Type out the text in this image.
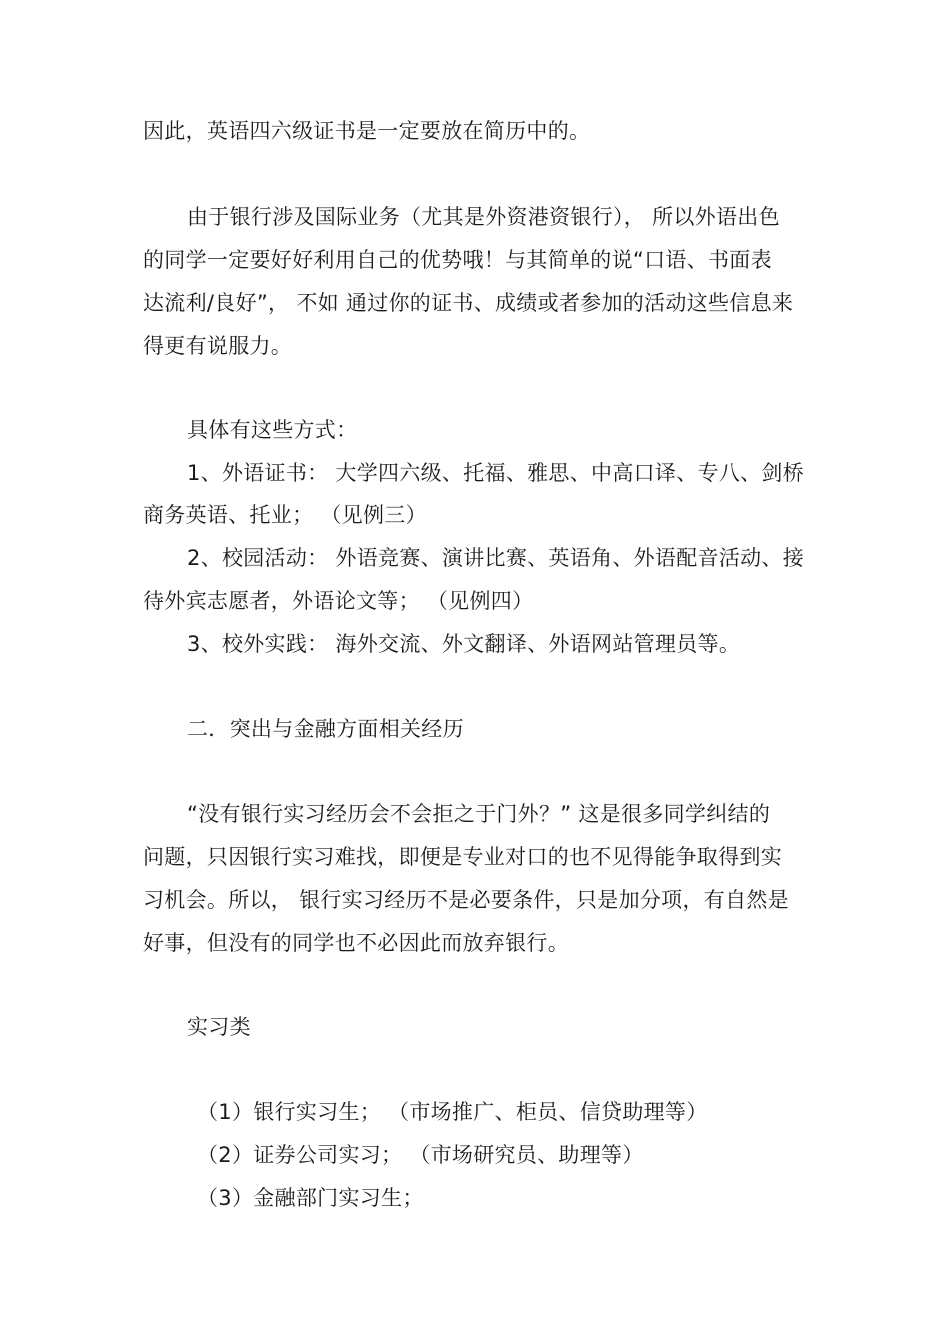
因此，英语四六级证书是一定要放在简历中的。
由于银行涉及国际业务（尤其是外资港资银行）， 所以外语出色
的同学一定要好好利用自己的优势哦！与其简单的说“口语、书面表
达流利/良好”， 不如 通过你的证书、成绩或者参加的活动这些信息来
得更有说服力。
具体有这些方式：
1、外语证书： 大学四六级、托福、雅思、中高口译、专八、剑桥
商务英语、托业； （见例三）
2、校园活动： 外语竞赛、演讲比赛、英语角、外语配音活动、接
待外宾志愿者，外语论文等； （见例四）
3、校外实践： 海外交流、外文翻译、外语网站管理员等。
二．突出与金融方面相关经历
“没有银行实习经历会不会拒之于门外？” 这是很多同学纠结的
问题，只因银行实习难找，即便是专业对口的也不见得能争取得到实
习机会。所以， 银行实习经历不是必要条件，只是加分项，有自然是
好事，但没有的同学也不必因此而放弃银行。
实习类
（1）银行实习生； （市场推广、柜员、信贷助理等）
（2）证券公司实习； （市场研究员、助理等）
（3）金融部门实习生；
